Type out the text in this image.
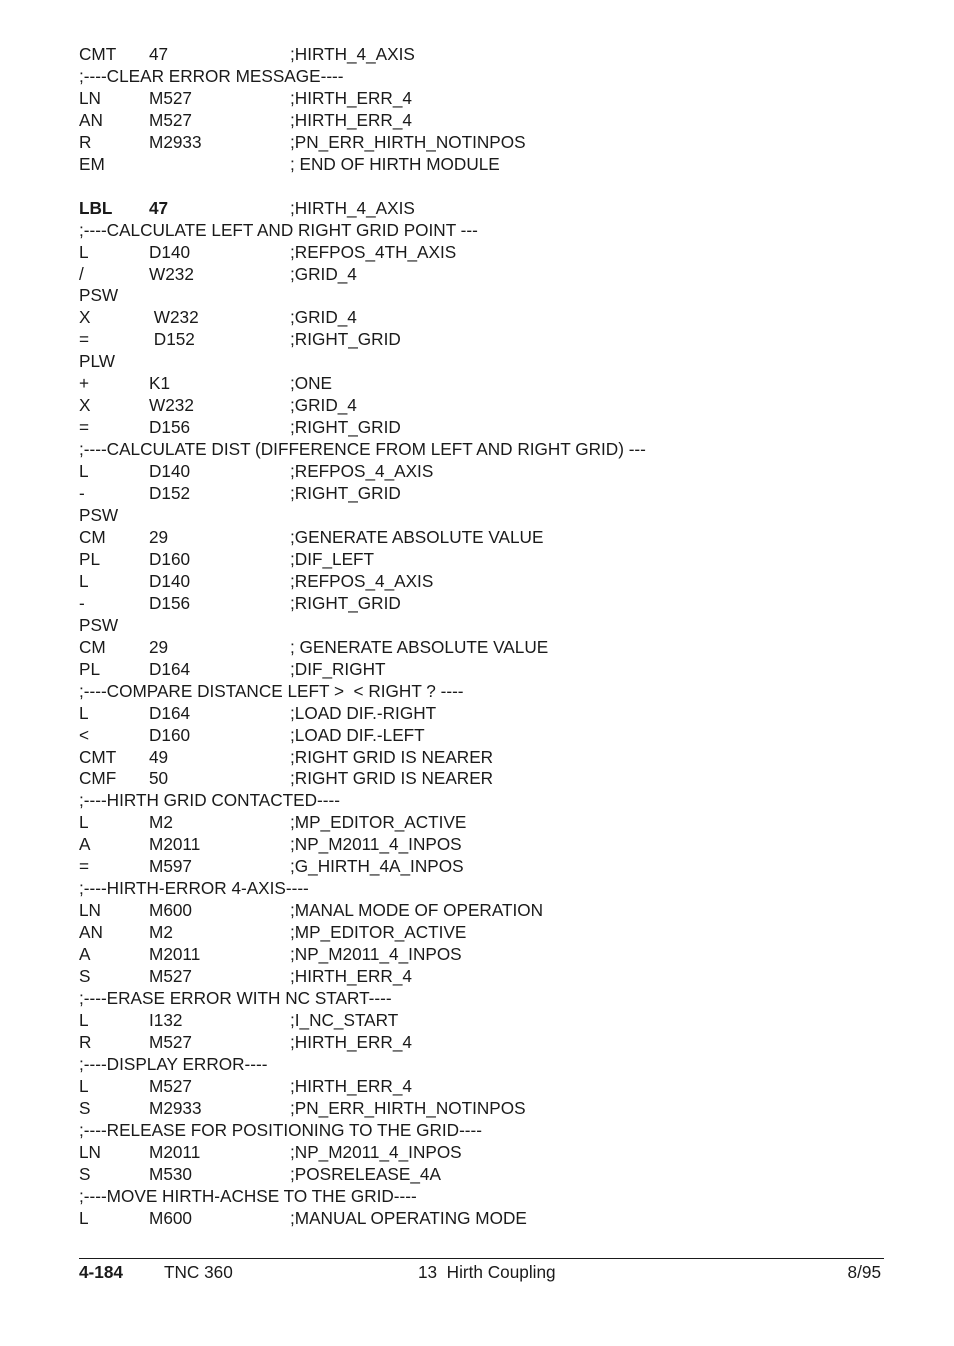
CMT 47	;HIRTH_4_AXIS
;----CLEAR ERROR MESSAGE----
LN	M527	;HIRTH_ERR_4
AN	M527	;HIRTH_ERR_4
R	M2933	;PN_ERR_HIRTH_NOTINPOS
EM	; END OF HIRTH MODULE
LBL 47	;HIRTH_4_AXIS
;----CALCULATE LEFT AND RIGHT GRID POINT ---
L	D140	;REFPOS_4TH_AXIS
/	W232	;GRID_4
PSW
X	W232	;GRID_4
=	D152	;RIGHT_GRID
PLW
+	K1	;ONE
X	W232	;GRID_4
=	D156	;RIGHT_GRID
;----CALCULATE DIST (DIFFERENCE FROM LEFT AND RIGHT GRID) ---
L	D140	;REFPOS_4_AXIS
-	D152	;RIGHT_GRID
PSW
CM	29	;GENERATE ABSOLUTE VALUE
PL	D160	;DIF_LEFT
L	D140	;REFPOS_4_AXIS
-	D156	;RIGHT_GRID
PSW
CM	29	; GENERATE ABSOLUTE VALUE
PL	D164	;DIF_RIGHT
;----COMPARE DISTANCE LEFT >  < RIGHT ? ----
L	D164	;LOAD DIF.-RIGHT
<	D160	;LOAD DIF.-LEFT
CMT 49	;RIGHT GRID IS NEARER
CMF 50	;RIGHT GRID IS NEARER
;----HIRTH GRID CONTACTED----
L	M2	;MP_EDITOR_ACTIVE
A	M2011	;NP_M2011_4_INPOS
=	M597	;G_HIRTH_4A_INPOS
;----HIRTH-ERROR 4-AXIS----
LN	M600	;MANAL MODE OF OPERATION
AN	M2	;MP_EDITOR_ACTIVE
A	M2011	;NP_M2011_4_INPOS
S	M527	;HIRTH_ERR_4
;----ERASE ERROR WITH NC START----
L	I132	;I_NC_START
R	M527	;HIRTH_ERR_4
;----DISPLAY ERROR----
L	M527	;HIRTH_ERR_4
S	M2933	;PN_ERR_HIRTH_NOTINPOS
;----RELEASE FOR POSITIONING TO THE GRID----
LN	M2011	;NP_M2011_4_INPOS
S	M530	;POSRELEASE_4A
;----MOVE HIRTH-ACHSE TO THE GRID----
L	M600	;MANUAL OPERATING MODE
4-184 TNC 360	13  Hirth Coupling	8/95
